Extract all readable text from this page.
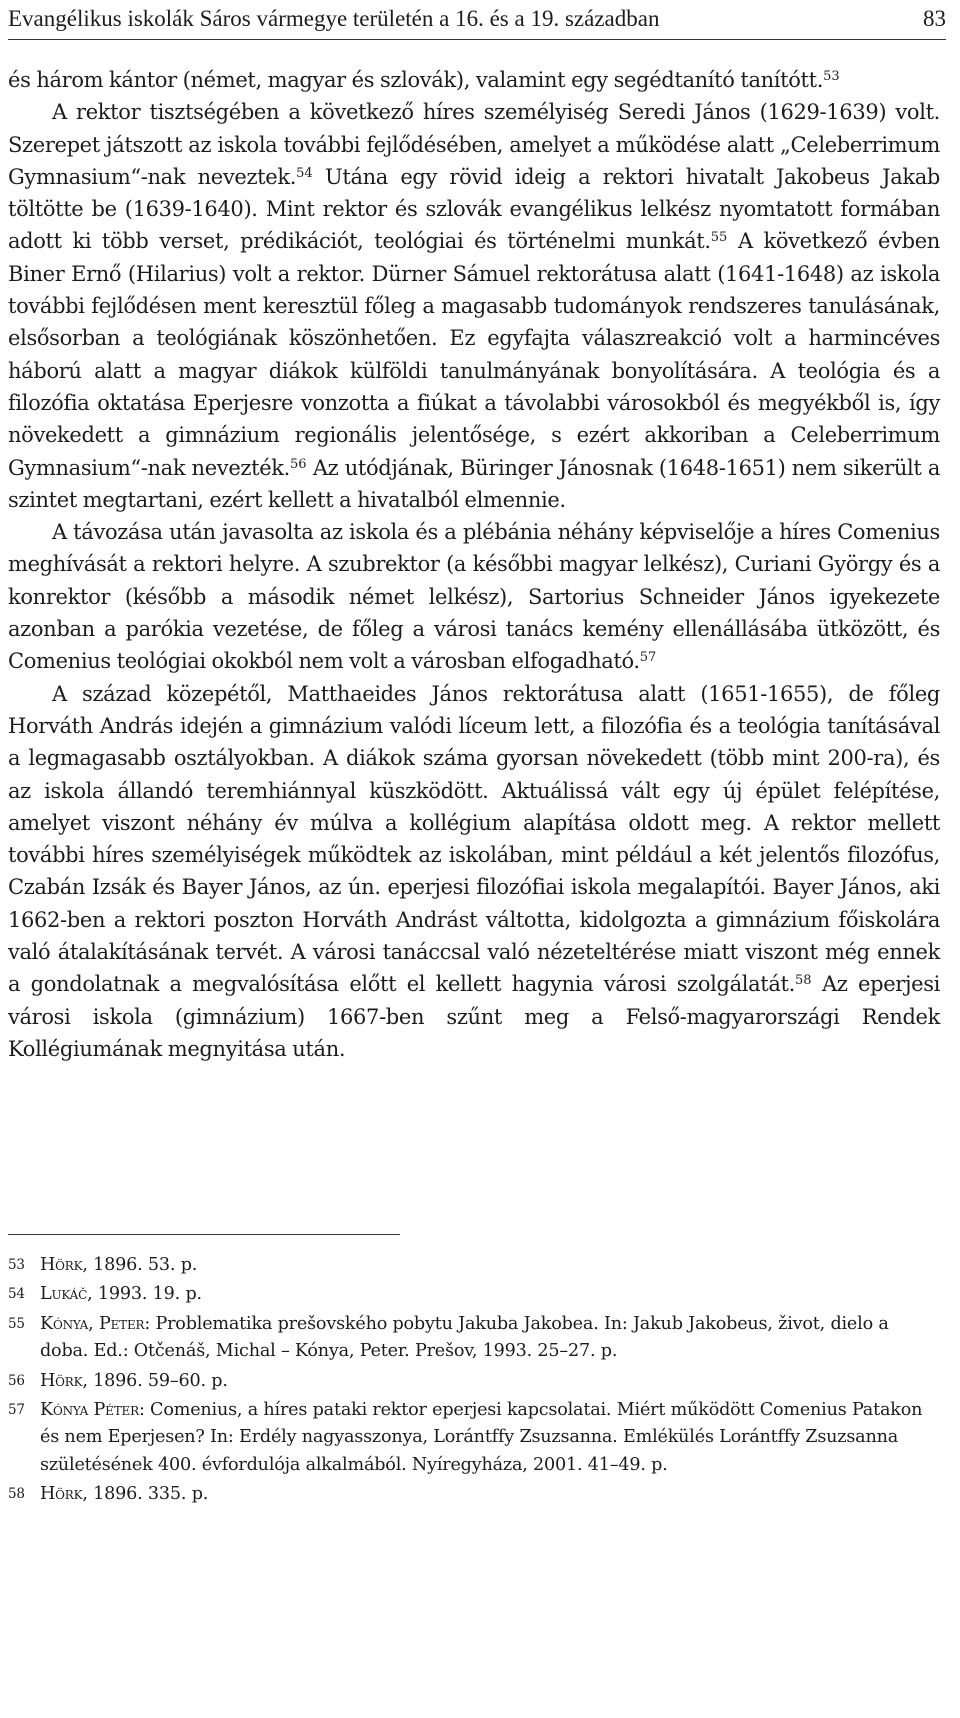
Evangélikus iskolák Sáros vármegye területén a 16. és a 19. században	83

és három kántor (német, magyar és szlovák), valamint egy segédtanító tanítótt.$^{53}$

A rektor tisztségében a következő híres személyiség Seredi János (1629-1639) volt. Szerepet játszott az iskola további fejlődésében, amelyet a működése alatt „Celeberrimum Gymnasium“-nak neveztek.$^{54}$ Utána egy rövid ideig a rektori hivatalt Jakobeus Jakab töltötte be (1639-1640). Mint rektor és szlovák evangélikus lelkész nyomtatott formában adott ki több verset, prédikációt, teológiai és történelmi munkát.$^{55}$ A következő évben Biner Ernő (Hilarius) volt a rektor. Dürner Sámuel rektorátusa alatt (1641-1648) az iskola további fejlődésen ment keresztül főleg a magasabb tudományok rendszeres tanulásának, elsősorban a teológiának köszönhetően. Ez egyfajta válaszreakció volt a harmincéves háború alatt a magyar diákok külföldi tanulmányának bonyolítására. A teológia és a filozófia oktatása Eperjesre vonzotta a fiúkat a távolabbi városokból és megyékből is, így növekedett a gimnázium regionális jelentősége, s ezért akkoriban a Celeberrimum Gymnasium“-nak nevezték.$^{56}$ Az utódjának, Büringer Jánosnak (1648-1651) nem sikerült a szintet megtartani, ezért kellett a hivatalból elmennie.

A távozása után javasolta az iskola és a plébánia néhány képviselője a híres Comenius meghívását a rektori helyre. A szubrektor (a későbbi magyar lelkész), Curiani György és a konrektor (később a második német lelkész), Sartorius Schneider János igyekezete azonban a parókia vezetése, de főleg a városi tanács kemény ellenállásába ütközött, és Comenius teológiai okokból nem volt a városban elfogadható.$^{57}$

A század közepétől, Matthaeides János rektorátusa alatt (1651-1655), de főleg Horváth András idején a gimnázium valódi líceum lett, a filozófia és a teológia tanításával a legmagasabb osztályokban. A diákok száma gyorsan növekedett (több mint 200-ra), és az iskola állandó teremhiánnyal küszködött. Aktuálissá vált egy új épület felépítése, amelyet viszont néhány év múlva a kollégium alapítása oldott meg. A rektor mellett további híres személyiségek működtek az iskolában, mint például a két jelentős filozófus, Czabán Izsák és Bayer János, az ún. eperjesi filozófiai iskola megalapítói. Bayer János, aki 1662-ben a rektori poszton Horváth Andrást váltotta, kidolgozta a gimnázium főiskolára való átalakításának tervét. A városi tanáccsal való nézeteltérése miatt viszont még ennek a gondolatnak a megvalósítása előtt el kellett hagynia városi szolgálatát.$^{58}$ Az eperjesi városi iskola (gimnázium) 1667-ben szűnt meg a Felső-magyarországi Rendek Kollégiumának megnyitása után.

53 Hörk, 1896. 53. p.
54 Lukáč, 1993. 19. p.
55 Kónya, Peter: Problematika prešovského pobytu Jakuba Jakobea. In: Jakub Jakobeus, život, dielo a doba. Ed.: Otčenáš, Michal – Kónya, Peter. Prešov, 1993. 25–27. p.
56 Hörk, 1896. 59–60. p.
57 Kónya Péter: Comenius, a híres pataki rektor eperjesi kapcsolatai. Miért működött Comenius Patakon és nem Eperjesen? In: Erdély nagyasszonya, Lorántffy Zsuzsanna. Emlékülés Lorántffy Zsuzsanna születésének 400. évfordulója alkalmából. Nyíregyháza, 2001. 41–49. p.
58 Hörk, 1896. 335. p.
